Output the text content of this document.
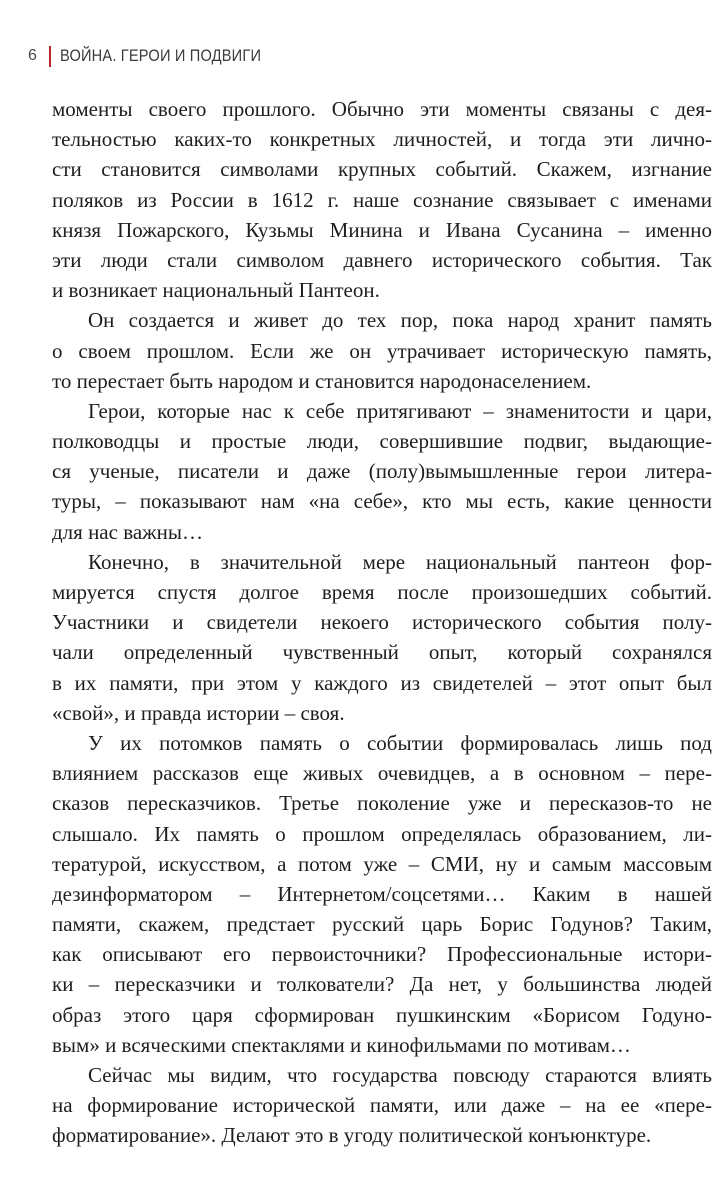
6 ВОЙНА. ГЕРОИ И ПОДВИГИ
моменты своего прошлого. Обычно эти моменты связаны с дея-
тельностью каких-то конкретных личностей, и тогда эти лично-
сти становится символами крупных событий. Скажем, изгнание
поляков из России в 1612 г. наше сознание связывает с именами
князя Пожарского, Кузьмы Минина и Ивана Сусанина – именно
эти люди стали символом давнего исторического события. Так
и возникает национальный Пантеон.
Он создается и живет до тех пор, пока народ хранит память
о своем прошлом. Если же он утрачивает историческую память,
то перестает быть народом и становится народонаселением.
Герои, которые нас к себе притягивают – знаменитости и цари,
полководцы и простые люди, совершившие подвиг, выдающие-
ся ученые, писатели и даже (полу)вымышленные герои литера-
туры, – показывают нам «на себе», кто мы есть, какие ценности
для нас важны…
Конечно, в значительной мере национальный пантеон фор-
мируется спустя долгое время после произошедших событий.
Участники и свидетели некоего исторического события полу-
чали определенный чувственный опыт, который сохранялся
в их памяти, при этом у каждого из свидетелей – этот опыт был
«свой», и правда истории – своя.
У их потомков память о событии формировалась лишь под
влиянием рассказов еще живых очевидцев, а в основном – пере-
сказов пересказчиков. Третье поколение уже и пересказов-то не
слышало. Их память о прошлом определялась образованием, ли-
тературой, искусством, а потом уже – СМИ, ну и самым массовым
дезинформатором – Интернетом/соцсетями… Каким в нашей
памяти, скажем, предстает русский царь Борис Годунов? Таким,
как описывают его первоисточники? Профессиональные истори-
ки – пересказчики и толкователи? Да нет, у большинства людей
образ этого царя сформирован пушкинским «Борисом Годуно-
вым» и всяческими спектаклями и кинофильмами по мотивам…
Сейчас мы видим, что государства повсюду стараются влиять
на формирование исторической памяти, или даже – на ее «пере-
форматирование». Делают это в угоду политической конъюнктуре.
